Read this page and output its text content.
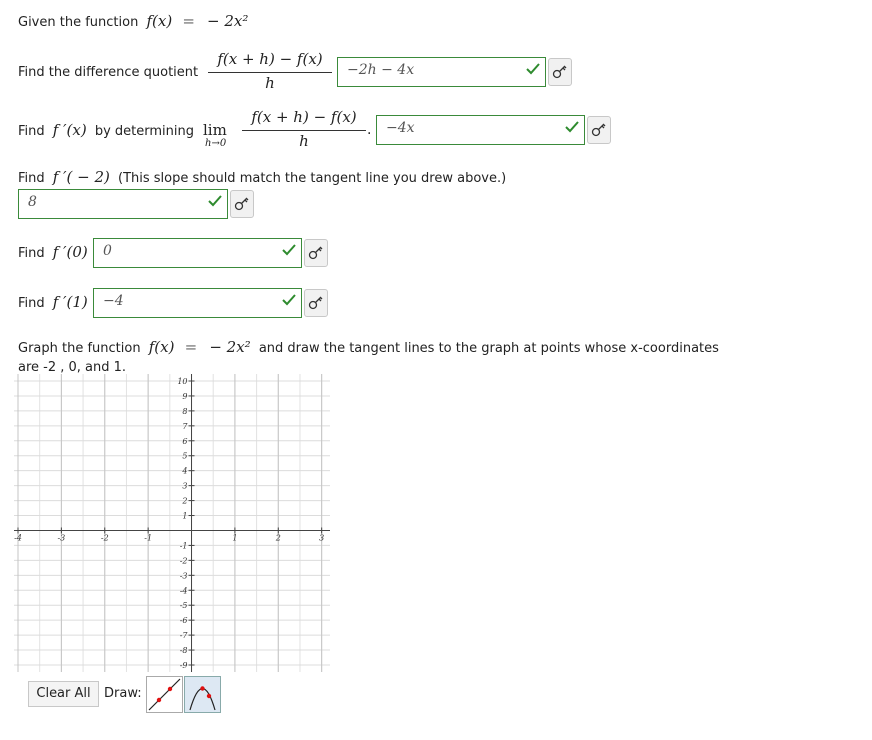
Given the function f(x) = − 2x²
Find the difference quotient
f(x + h) − f(x)
h
−2h − 4x
Find f ′(x) by determining lim
h→0
f(x + h) − f(x)
h
. −4x
Find f ′( − 2) (This slope should match the tangent line you drew above.)
8
Find f ′(0) 0
Find f ′(1) −4
Graph the function f(x) = − 2x² and draw the tangent lines to the graph at points whose x-coordinates
are -2 , 0, and 1.
-4	-3	-2	-1	1	2	3
10
9
8
7
6
5
4
3
2
1
-1
-2
-3
-4
-5
-6
-7
-8
-9
Clear All	Draw:
